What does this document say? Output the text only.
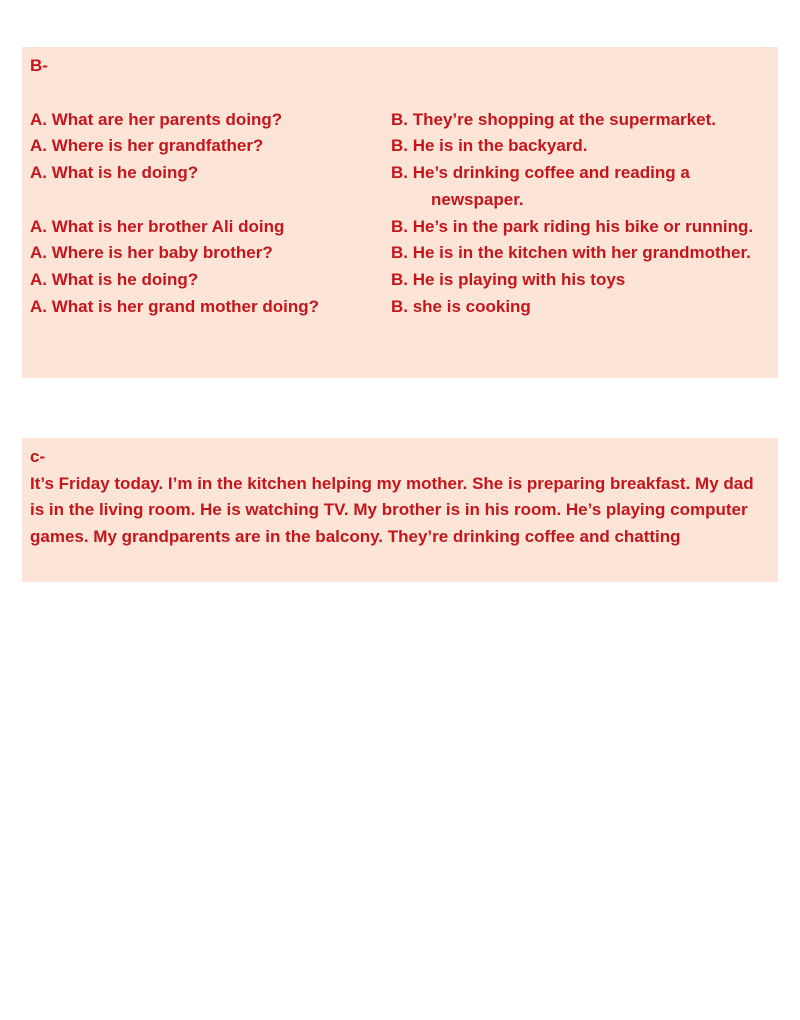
B-
A. What are her parents doing?	B. They’re shopping at the supermarket.
A. Where is her grandfather?	B. He is in the backyard.
A. What is he doing?	B. He’s drinking coffee and reading a newspaper.
A. What is her brother Ali doing	B. He’s in the park riding his bike or running.
A. Where is her baby brother?	B. He is in the kitchen with her grandmother.
A. What is he doing?	B. He is playing with his toys
A. What is her grand mother doing?	B. she is cooking
c-
It’s Friday today. I’m in the kitchen helping my mother. She is preparing breakfast. My dad is in the living room. He is watching TV. My brother is in his room. He’s playing computer games. My grandparents are in the balcony. They’re drinking coffee and chatting
